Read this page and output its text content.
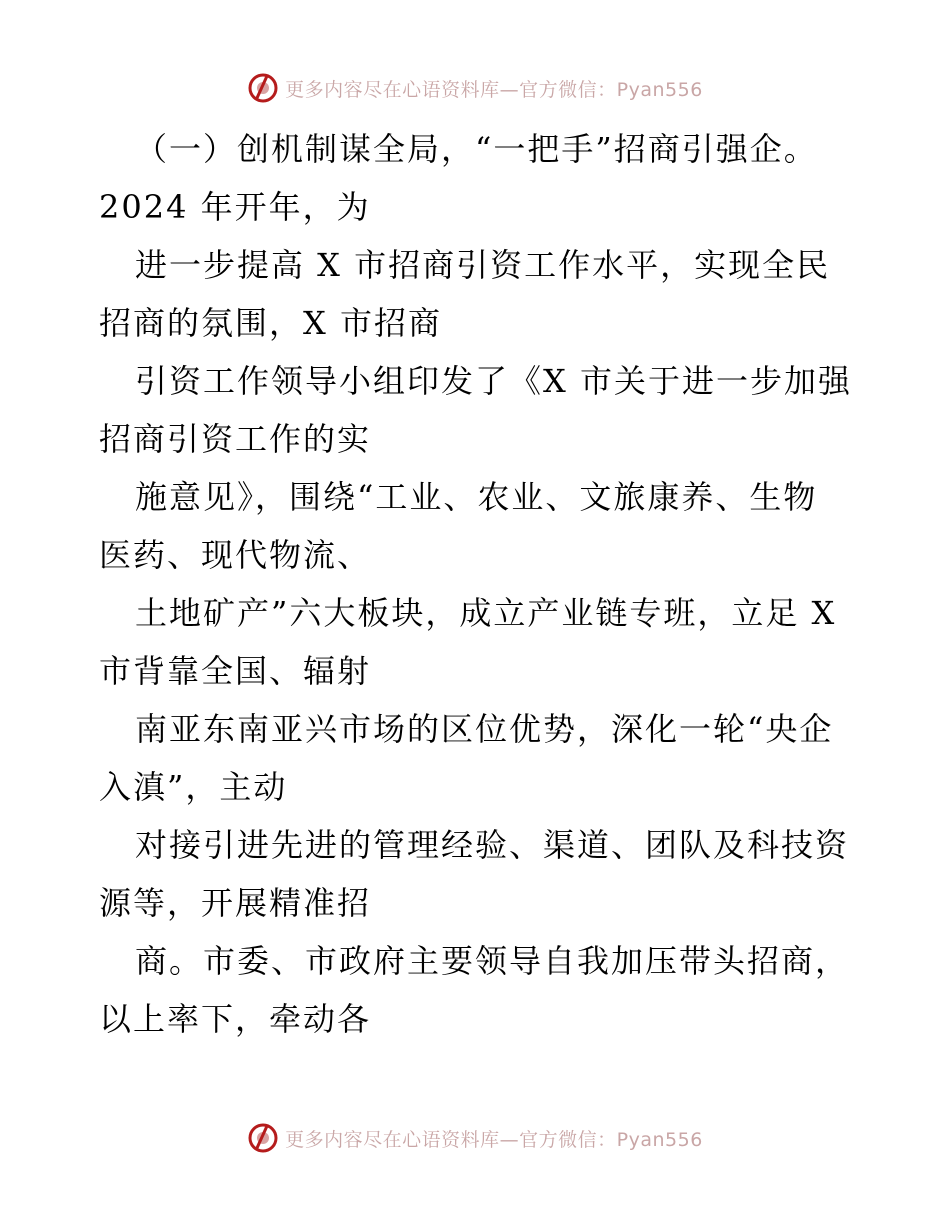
更多内容尽在心语资料库—官方微信：Pyan556
（一）创机制谋全局，“一把手”招商引强企。
2024 年开年，为
进一步提高 X 市招商引资工作水平，实现全民
招商的氛围，X 市招商
引资工作领导小组印发了《X 市关于进一步加强
招商引资工作的实
施意见》，围绕“工业、农业、文旅康养、生物
医药、现代物流、
土地矿产”六大板块，成立产业链专班，立足 X
市背靠全国、辐射
南亚东南亚兴市场的区位优势，深化一轮“央企
入滇”，主动
对接引进先进的管理经验、渠道、团队及科技资
源等，开展精准招
商。市委、市政府主要领导自我加压带头招商，
以上率下，牵动各
更多内容尽在心语资料库—官方微信：Pyan556
